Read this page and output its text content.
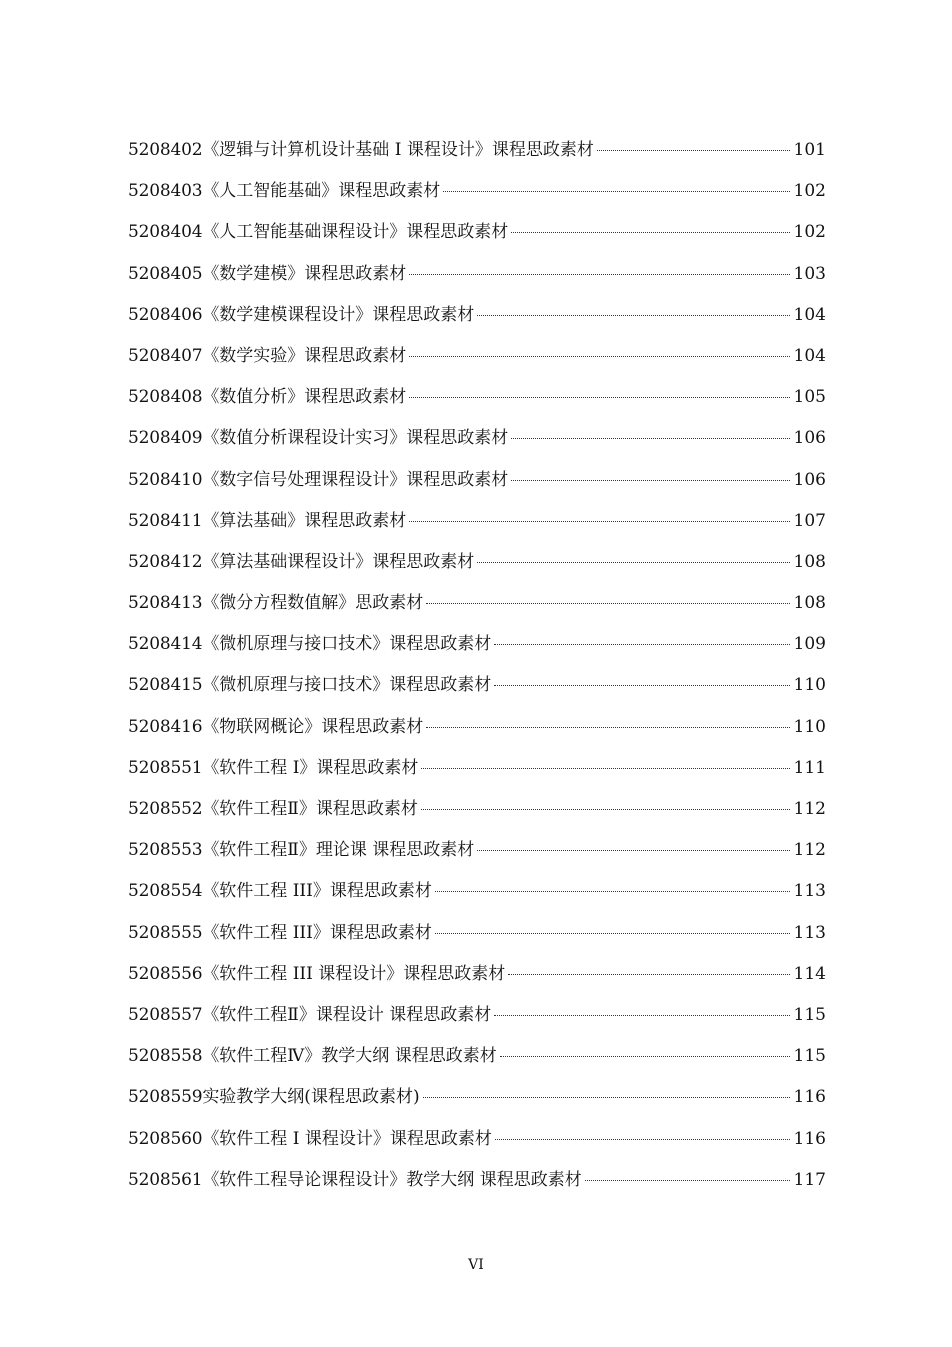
5208402 《逻辑与计算机设计基础 I 课程设计》课程思政素材	101
5208403 《人工智能基础》课程思政素材	102
5208404 《人工智能基础课程设计》课程思政素材	102
5208405 《数学建模》课程思政素材	103
5208406 《数学建模课程设计》课程思政素材	104
5208407 《数学实验》课程思政素材	104
5208408 《数值分析》课程思政素材	105
5208409 《数值分析课程设计实习》课程思政素材	106
5208410 《数字信号处理课程设计》课程思政素材	106
5208411 《算法基础》课程思政素材	107
5208412 《算法基础课程设计》课程思政素材	108
5208413 《微分方程数值解》思政素材	108
5208414 《微机原理与接口技术》课程思政素材	109
5208415 《微机原理与接口技术》课程思政素材	110
5208416 《物联网概论》课程思政素材	110
5208551 《软件工程 I》课程思政素材	111
5208552 《软件工程Ⅱ》课程思政素材	112
5208553 《软件工程Ⅱ》理论课 课程思政素材	112
5208554 《软件工程 III》课程思政素材	113
5208555 《软件工程 III》课程思政素材	113
5208556 《软件工程 III 课程设计》课程思政素材	114
5208557 《软件工程Ⅱ》课程设计 课程思政素材	115
5208558 《软件工程Ⅳ》教学大纲 课程思政素材	115
5208559 实验教学大纲(课程思政素材)	116
5208560 《软件工程 I 课程设计》课程思政素材	116
5208561 《软件工程导论课程设计》教学大纲 课程思政素材	117
VI
